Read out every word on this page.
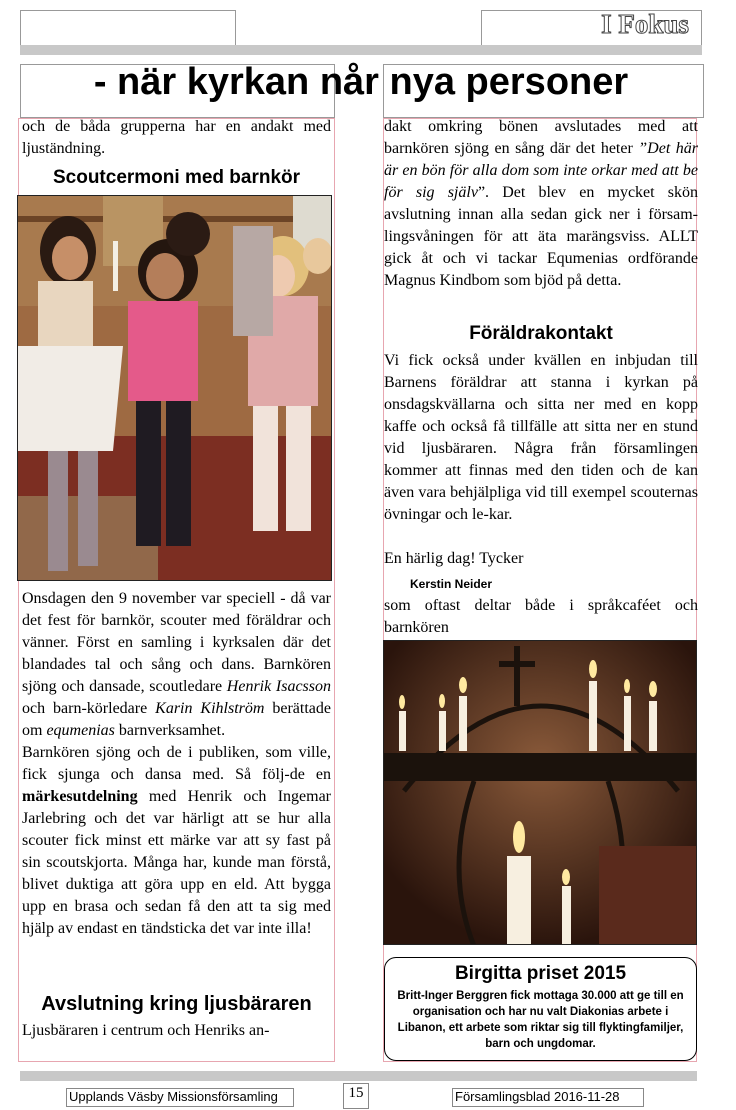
I Fokus
- när kyrkan når nya personer
och de båda grupperna har en andakt med ljuständning.
Scoutcermoni med barnkör

Onsdagen den 9 november var speciell - då var det fest för barnkör, scouter med föräldrar och vänner. Först en samling i kyrksalen där det blandades tal och sång och dans. Barnkören sjöng och dansade, scoutledare Henrik Isacsson och barn-körledare Karin Kihlström berättade om equmenias barnverksamhet.

Barnkören sjöng och de i publiken, som ville, fick sjunga och dansa med. Så följ-de en märkesutdelning med Henrik och Ingemar Jarlebring och det var härligt att se hur alla scouter fick minst ett märke var att sy fast på sin scoutskjorta. Många har, kunde man förstå, blivet duktiga att göra upp en eld. Att bygga upp en brasa och sedan få den att ta sig med hjälp av endast en tändsticka det var inte illa!

Avslutning kring ljusbäraren
Ljusbäraren i centrum och Henriks an-

dakt omkring bönen avslutades med att barnkören sjöng en sång där det heter ”Det här är en bön för alla dom som inte orkar med att be för sig själv”. Det blev en mycket skön avslutning innan alla sedan gick ner i försam-lingsvåningen för att äta marängsviss. ALLT gick åt och vi tackar Equmenias ordförande Magnus Kindbom som bjöd på detta.

Föräldrakontakt
Vi fick också under kvällen en inbjudan till Barnens föräldrar att stanna i kyrkan på onsdagskvällarna och sitta ner med en kopp kaffe och också få tillfälle att sitta ner en stund vid ljusbäraren. Några från församlingen kommer att finnas med den tiden och de kan även vara behjälpliga vid till exempel scouternas övningar och le-kar.
En härlig dag! Tycker
Kerstin Neider
som oftast deltar både i språkcaféet och barnkören
Birgitta priset 2015
Britt-Inger Berggren fick mottaga 30.000 att ge till en organisation och har nu valt Diakonias arbete i Libanon, ett arbete som riktar sig till flyktingfamiljer, barn och ungdomar.
Upplands Väsby Missionsförsamling	15	Församlingsblad 2016-11-28
